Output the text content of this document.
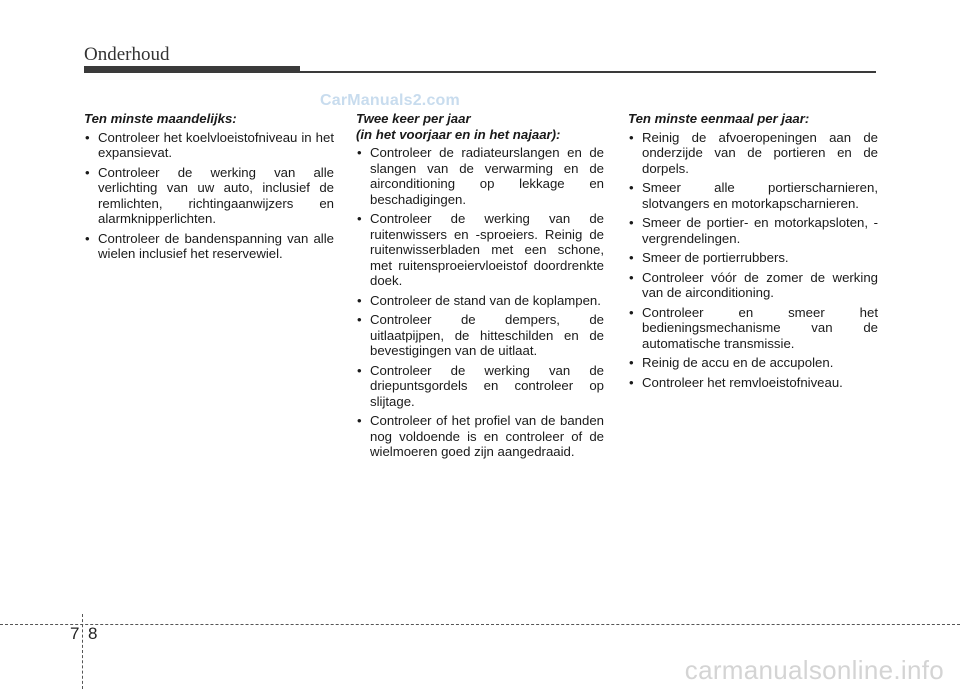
Onderhoud
CarManuals2.com
Ten minste maandelijks:
• Controleer het koelvloeistofniveau in het expansievat.
• Controleer de werking van alle verlichting van uw auto, inclusief de remlichten, richtingaanwijzers en alarmknipperlichten.
• Controleer de bandenspanning van alle wielen inclusief het reservewiel.
Twee keer per jaar
(in het voorjaar en in het najaar):
• Controleer de radiateurslangen en de slangen van de verwarming en de airconditioning op lekkage en beschadigingen.
• Controleer de werking van de ruitenwissers en -sproeiers. Reinig de ruitenwisserbladen met een schone, met ruitensproeiervloeistof doordrenkte doek.
• Controleer de stand van de koplampen.
• Controleer de dempers, de uitlaatpijpen, de hitteschilden en de bevestigingen van de uitlaat.
• Controleer de werking van de driepuntsgordels en controleer op slijtage.
• Controleer of het profiel van de banden nog voldoende is en controleer of de wielmoeren goed zijn aangedraaid.
Ten minste eenmaal per jaar:
• Reinig de afvoeropeningen aan de onderzijde van de portieren en de dorpels.
• Smeer alle portierscharnieren, slotvangers en motorkapscharnieren.
• Smeer de portier- en motorkapsloten, -vergrendelingen.
• Smeer de portierrubbers.
• Controleer vóór de zomer de werking van de airconditioning.
• Controleer en smeer het bedieningsmechanisme van de automatische transmissie.
• Reinig de accu en de accupolen.
• Controleer het remvloeistofniveau.
7 8
carmanualsonline.info
